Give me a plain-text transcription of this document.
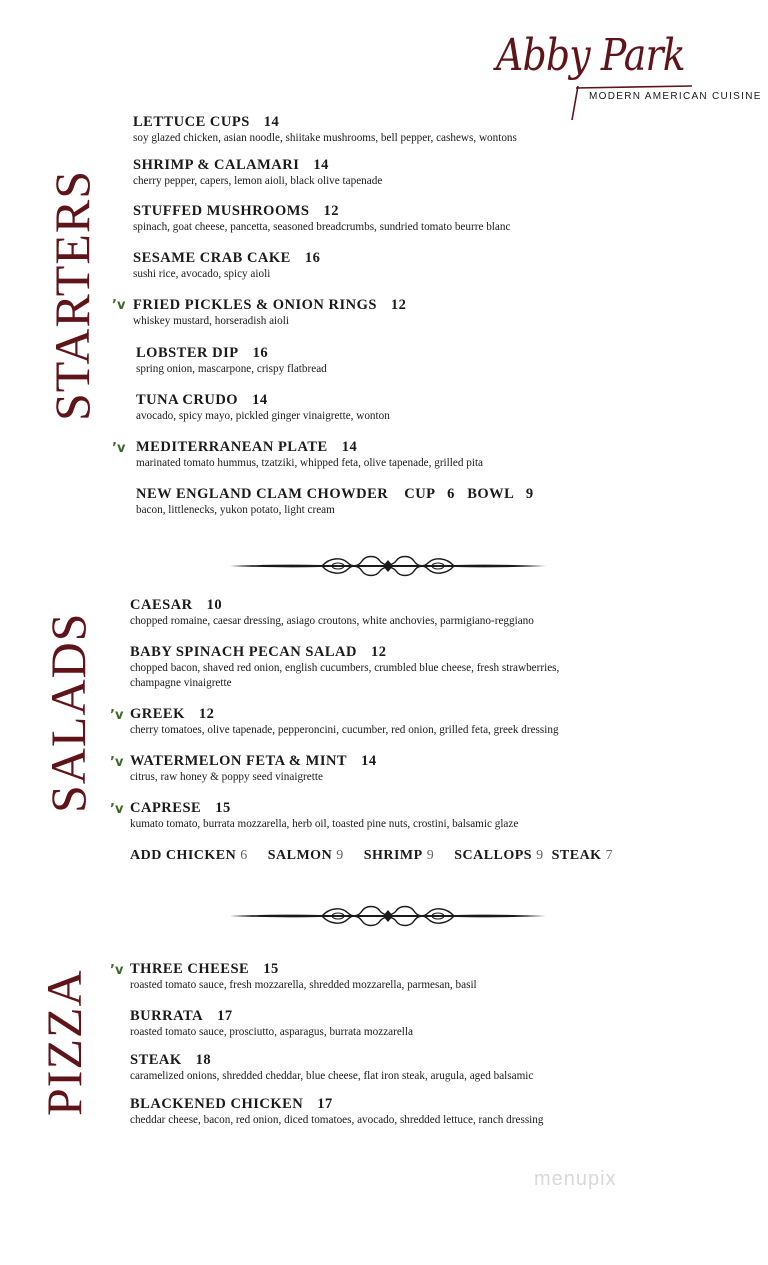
Abby Park
MODERN AMERICAN CUISINE
STARTERS
SALADS
PIZZA
LETTUCE CUPS 14
soy glazed chicken, asian noodle, shiitake mushrooms, bell pepper, cashews, wontons
SHRIMP & CALAMARI 14
cherry pepper, capers, lemon aioli, black olive tapenade
STUFFED MUSHROOMS 12
spinach, goat cheese, pancetta, seasoned breadcrumbs, sundried tomato beurre blanc
SESAME CRAB CAKE 16
sushi rice, avocado, spicy aioli
’v FRIED PICKLES & ONION RINGS 12
whiskey mustard, horseradish aioli
LOBSTER DIP 16
spring onion, mascarpone, crispy flatbread
TUNA CRUDO 14
avocado, spicy mayo, pickled ginger vinaigrette, wonton
’v MEDITERRANEAN PLATE 14
marinated tomato hummus, tzatziki, whipped feta, olive tapenade, grilled pita
NEW ENGLAND CLAM CHOWDER CUP   6   BOWL   9
bacon, littlenecks, yukon potato, light cream
CAESAR 10
chopped romaine, caesar dressing, asiago croutons, white anchovies, parmigiano-reggiano
BABY SPINACH PECAN SALAD 12
chopped bacon, shaved red onion, english cucumbers, crumbled blue cheese, fresh strawberries,
champagne vinaigrette
’v GREEK 12
cherry tomatoes, olive tapenade, pepperoncini, cucumber, red onion, grilled feta, greek dressing
’v WATERMELON FETA & MINT 14
citrus, raw honey & poppy seed vinaigrette
’v CAPRESE 15
kumato tomato, burrata mozzarella, herb oil, toasted pine nuts, crostini, balsamic glaze
ADD CHICKEN 6 SALMON 9 SHRIMP 9 SCALLOPS 9 STEAK 7
’v THREE CHEESE 15
roasted tomato sauce, fresh mozzarella, shredded mozzarella, parmesan, basil
BURRATA 17
roasted tomato sauce, prosciutto, asparagus, burrata mozzarella
STEAK 18
caramelized onions, shredded cheddar, blue cheese, flat iron steak, arugula, aged balsamic
BLACKENED CHICKEN 17
cheddar cheese, bacon, red onion, diced tomatoes, avocado, shredded lettuce, ranch dressing
menupix
